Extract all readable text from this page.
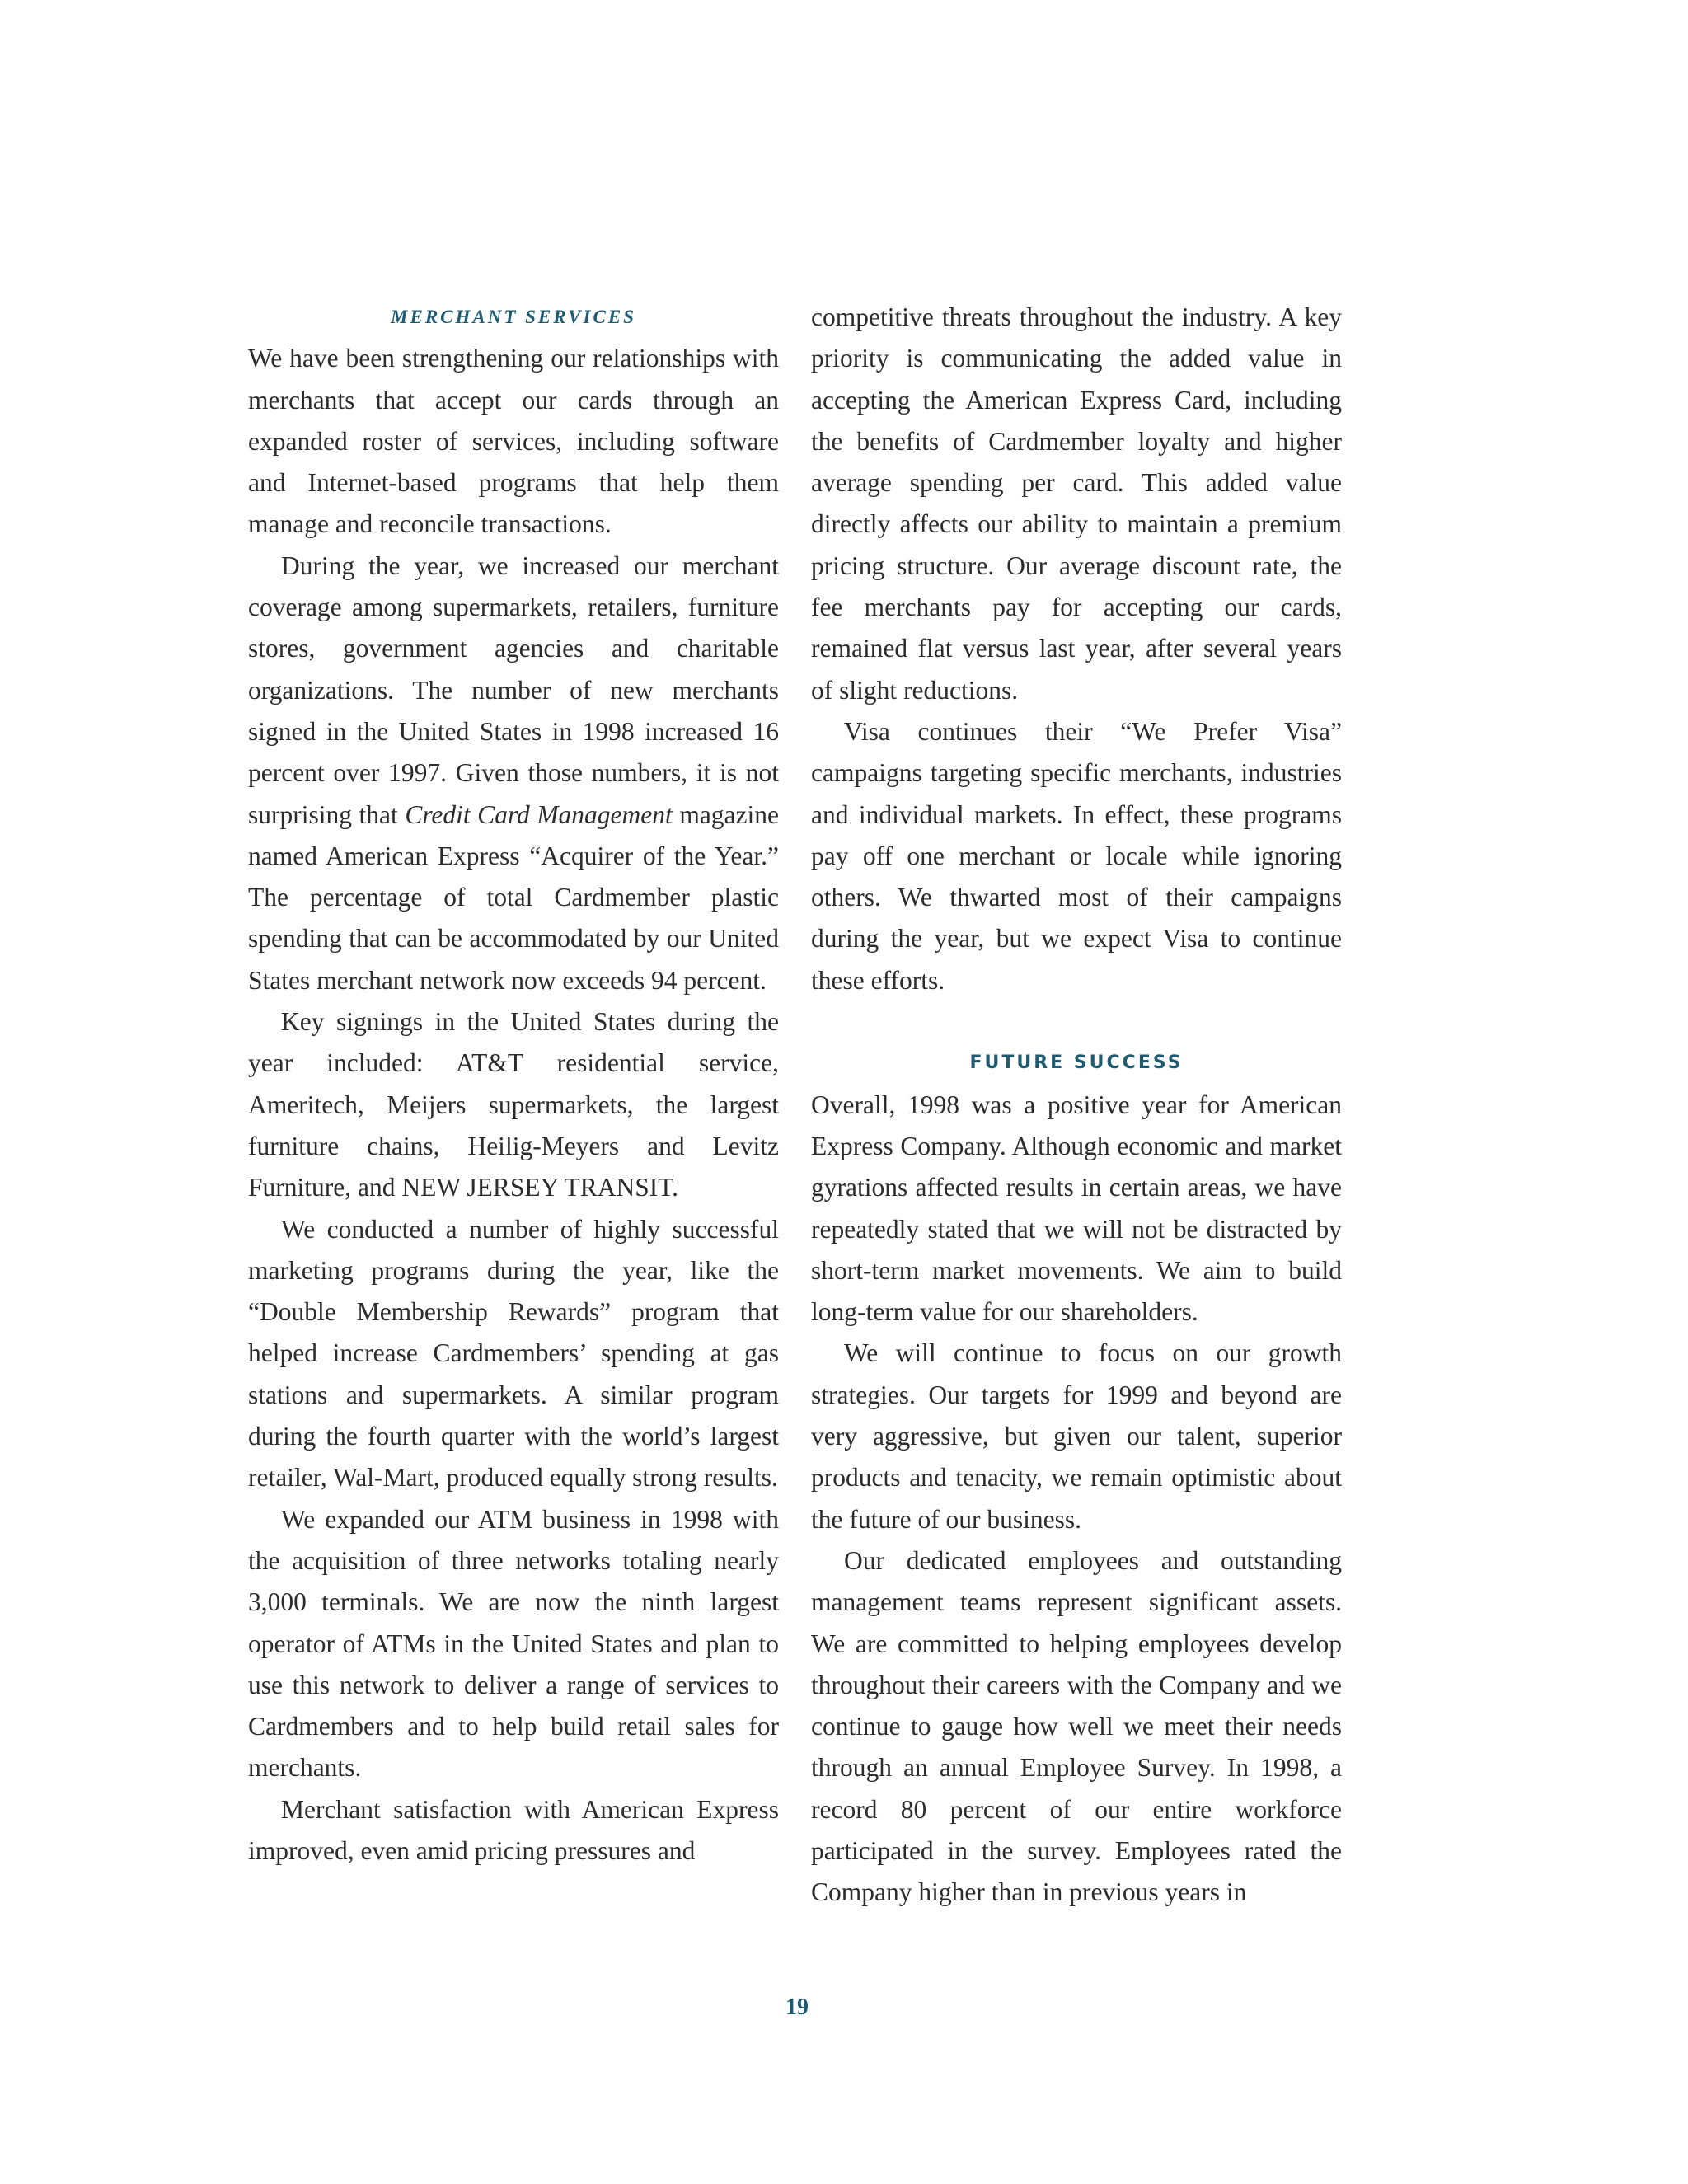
MERCHANT SERVICES

We have been strengthening our relationships with merchants that accept our cards through an expanded roster of services, including software and Internet-based programs that help them manage and reconcile transactions.

During the year, we increased our merchant coverage among supermarkets, retailers, furniture stores, government agencies and charitable organizations. The number of new merchants signed in the United States in 1998 increased 16 percent over 1997. Given those numbers, it is not surprising that Credit Card Management magazine named American Express “Acquirer of the Year.” The percentage of total Cardmember plastic spending that can be accommodated by our United States merchant network now exceeds 94 percent.

Key signings in the United States during the year included: AT&T residential service, Ameritech, Meijers supermarkets, the largest furniture chains, Heilig-Meyers and Levitz Furniture, and NEW JERSEY TRANSIT.

We conducted a number of highly successful marketing programs during the year, like the “Double Membership Rewards” program that helped increase Cardmembers’ spending at gas stations and supermarkets. A similar program during the fourth quarter with the world’s largest retailer, Wal-Mart, produced equally strong results.

We expanded our ATM business in 1998 with the acquisition of three networks totaling nearly 3,000 terminals. We are now the ninth largest operator of ATMs in the United States and plan to use this network to deliver a range of services to Cardmembers and to help build retail sales for merchants.

Merchant satisfaction with American Express improved, even amid pricing pressures and

competitive threats throughout the industry. A key priority is communicating the added value in accepting the American Express Card, including the benefits of Cardmember loyalty and higher average spending per card. This added value directly affects our ability to maintain a premium pricing structure. Our average discount rate, the fee merchants pay for accepting our cards, remained flat versus last year, after several years of slight reductions.

Visa continues their “We Prefer Visa” campaigns targeting specific merchants, industries and individual markets. In effect, these programs pay off one merchant or locale while ignoring others. We thwarted most of their campaigns during the year, but we expect Visa to continue these efforts.

FUTURE SUCCESS

Overall, 1998 was a positive year for American Express Company. Although economic and market gyrations affected results in certain areas, we have repeatedly stated that we will not be distracted by short-term market movements. We aim to build long-term value for our shareholders.

We will continue to focus on our growth strategies. Our targets for 1999 and beyond are very aggressive, but given our talent, superior products and tenacity, we remain optimistic about the future of our business.

Our dedicated employees and outstanding management teams represent significant assets. We are committed to helping employees develop throughout their careers with the Company and we continue to gauge how well we meet their needs through an annual Employee Survey. In 1998, a record 80 percent of our entire workforce participated in the survey. Employees rated the Company higher than in previous years in

19
